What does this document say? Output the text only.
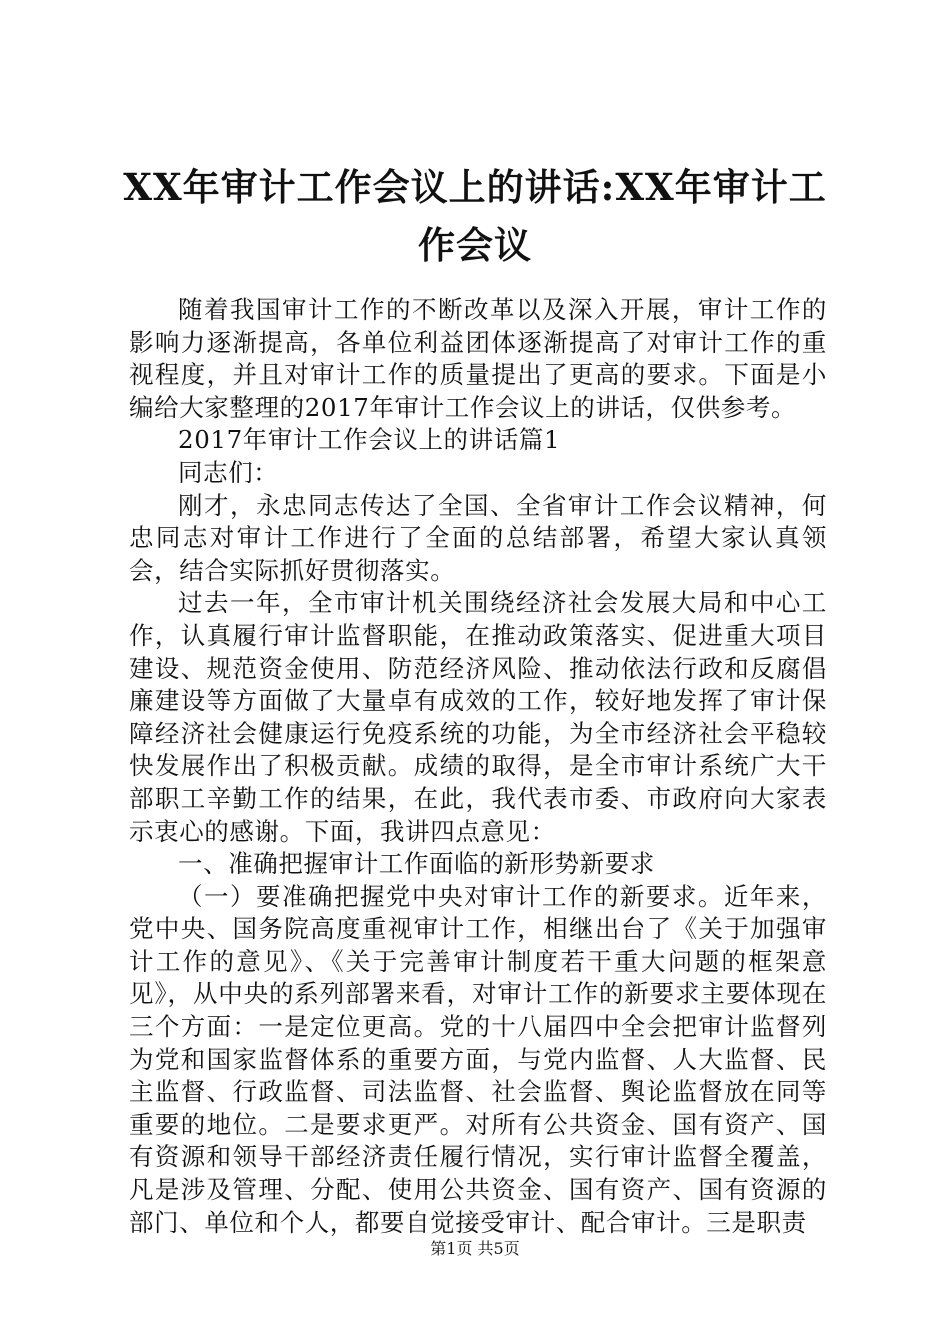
XX年审计工作会议上的讲话:XX年审计工作会议

随着我国审计工作的不断改革以及深入开展，审计工作的影响力逐渐提高，各单位利益团体逐渐提高了对审计工作的重视程度，并且对审计工作的质量提出了更高的要求。下面是小编给大家整理的2017年审计工作会议上的讲话，仅供参考。

2017年审计工作会议上的讲话篇1

同志们：

刚才，永忠同志传达了全国、全省审计工作会议精神，何忠同志对审计工作进行了全面的总结部署，希望大家认真领会，结合实际抓好贯彻落实。

过去一年，全市审计机关围绕经济社会发展大局和中心工作，认真履行审计监督职能，在推动政策落实、促进重大项目建设、规范资金使用、防范经济风险、推动依法行政和反腐倡廉建设等方面做了大量卓有成效的工作，较好地发挥了审计保障经济社会健康运行免疫系统的功能，为全市经济社会平稳较快发展作出了积极贡献。成绩的取得，是全市审计系统广大干部职工辛勤工作的结果，在此，我代表市委、市政府向大家表示衷心的感谢。下面，我讲四点意见：

一、准确把握审计工作面临的新形势新要求

（一）要准确把握党中央对审计工作的新要求。近年来，党中央、国务院高度重视审计工作，相继出台了《关于加强审计工作的意见》、《关于完善审计制度若干重大问题的框架意见》，从中央的系列部署来看，对审计工作的新要求主要体现在三个方面：一是定位更高。党的十八届四中全会把审计监督列为党和国家监督体系的重要方面，与党内监督、人大监督、民主监督、行政监督、司法监督、社会监督、舆论监督放在同等重要的地位。二是要求更严。对所有公共资金、国有资产、国有资源和领导干部经济责任履行情况，实行审计监督全覆盖，凡是涉及管理、分配、使用公共资金、国有资产、国有资源的部门、单位和个人，都要自觉接受审计、配合审计。三是职责

第1页 共5页
